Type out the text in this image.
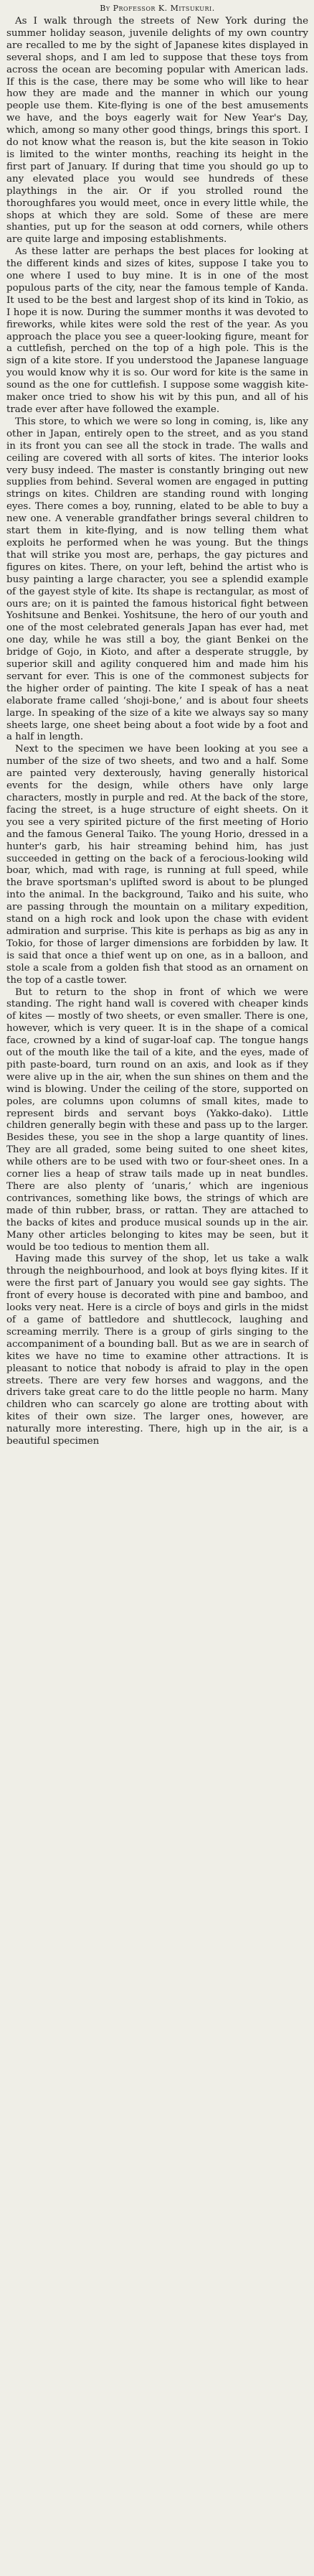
By Professor K. Mitsukuri.

As I walk through the streets of New York during the summer holiday season, juvenile delights of my own country are recalled to me by the sight of Japanese kites displayed in several shops, and I am led to suppose that these toys from across the ocean are becoming popular with American lads. If this is the case, there may be some who will like to hear how they are made and the manner in which our young people use them. Kite-flying is one of the best amusements we have, and the boys eagerly wait for New Year's Day, which, among so many other good things, brings this sport. I do not know what the reason is, but the kite season in Tokio is limited to the winter months, reaching its height in the first part of January. If during that time you should go up to any elevated place you would see hundreds of these playthings in the air. Or if you strolled round the thoroughfares you would meet, once in every little while, the shops at which they are sold. Some of these are mere shanties, put up for the season at odd corners, while others are quite large and imposing establishments.

As these latter are perhaps the best places for looking at the different kinds and sizes of kites, suppose I take you to one where I used to buy mine. It is in one of the most populous parts of the city, near the famous temple of Kanda. It used to be the best and largest shop of its kind in Tokio, as I hope it is now. During the summer months it was devoted to fireworks, while kites were sold the rest of the year. As you approach the place you see a queer-looking figure, meant for a cuttlefish, perched on the top of a high pole. This is the sign of a kite store. If you understood the Japanese language you would know why it is so. Our word for kite is the same in sound as the one for cuttlefish. I suppose some waggish kite-maker once tried to show his wit by this pun, and all of his trade ever after have followed the example.

This store, to which we were so long in coming, is, like any other in Japan, entirely open to the street, and as you stand in its front you can see all the stock in trade. The walls and ceiling are covered with all sorts of kites. The interior looks very busy indeed. The master is constantly bringing out new supplies from behind. Several women are engaged in putting strings on kites. Children are standing round with longing eyes. There comes a boy, running, elated to be able to buy a new one. A venerable grandfather brings several children to start them in kite-flying, and is now telling them what exploits he performed when he was young. But the things that will strike you most are, perhaps, the gay pictures and figures on kites. There, on your left, behind the artist who is busy painting a large character, you see a splendid example of the gayest style of kite. Its shape is rectangular, as most of ours are; on it is painted the famous historical fight between Yoshitsune and Benkei. Yoshitsune, the hero of our youth and one of the most celebrated generals Japan has ever had, met one day, while he was still a boy, the giant Benkei on the bridge of Gojo, in Kioto, and after a desperate struggle, by superior skill and agility conquered him and made him his servant for ever. This is one of the commonest subjects for the higher order of painting. The kite I speak of has a neat elaborate frame called ‘shoji-bone,’ and is about four sheets large. In speaking of the size of a kite we always say so many sheets large, one sheet being about a foot wide by a foot and a half in length.

Next to the specimen we have been looking at you see a number of the size of two sheets, and two and a half. Some are painted very dexterously, having generally historical events for the design, while others have only large characters, mostly in purple and red. At the back of the store, facing the street, is a huge structure of eight sheets. On it you see a very spirited picture of the first meeting of Horio and the famous General Taiko. The young Horio, dressed in a hunter's garb, his hair streaming behind him, has just succeeded in getting on the back of a ferocious-looking wild boar, which, mad with rage, is running at full speed, while the brave sportsman's uplifted sword is about to be plunged into the animal. In the background, Taiko and his suite, who are passing through the mountain on a military expedition, stand on a high rock and look upon the chase with evident admiration and surprise. This kite is perhaps as big as any in Tokio, for those of larger dimensions are forbidden by law. It is said that once a thief went up on one, as in a balloon, and stole a scale from a golden fish that stood as an ornament on the top of a castle tower.

But to return to the shop in front of which we were standing. The right hand wall is covered with cheaper kinds of kites — mostly of two sheets, or even smaller. There is one, however, which is very queer. It is in the shape of a comical face, crowned by a kind of sugar-loaf cap. The tongue hangs out of the mouth like the tail of a kite, and the eyes, made of pith paste-board, turn round on an axis, and look as if they were alive up in the air, when the sun shines on them and the wind is blowing. Under the ceiling of the store, supported on poles, are columns upon columns of small kites, made to represent birds and servant boys (Yakko-dako). Little children generally begin with these and pass up to the larger. Besides these, you see in the shop a large quantity of lines. They are all graded, some being suited to one sheet kites, while others are to be used with two or four-sheet ones. In a corner lies a heap of straw tails made up in neat bundles. There are also plenty of ‘unaris,’ which are ingenious contrivances, something like bows, the strings of which are made of thin rubber, brass, or rattan. They are attached to the backs of kites and produce musical sounds up in the air. Many other articles belonging to kites may be seen, but it would be too tedious to mention them all.

Having made this survey of the shop, let us take a walk through the neighbourhood, and look at boys flying kites. If it were the first part of January you would see gay sights. The front of every house is decorated with pine and bamboo, and looks very neat. Here is a circle of boys and girls in the midst of a game of battledore and shuttlecock, laughing and screaming merrily. There is a group of girls singing to the accompaniment of a bounding ball. But as we are in search of kites we have no time to examine other attractions. It is pleasant to notice that nobody is afraid to play in the open streets. There are very few horses and waggons, and the drivers take great care to do the little people no harm. Many children who can scarcely go alone are trotting about with kites of their own size. The larger ones, however, are naturally more interesting. There, high up in the air, is a beautiful specimen
